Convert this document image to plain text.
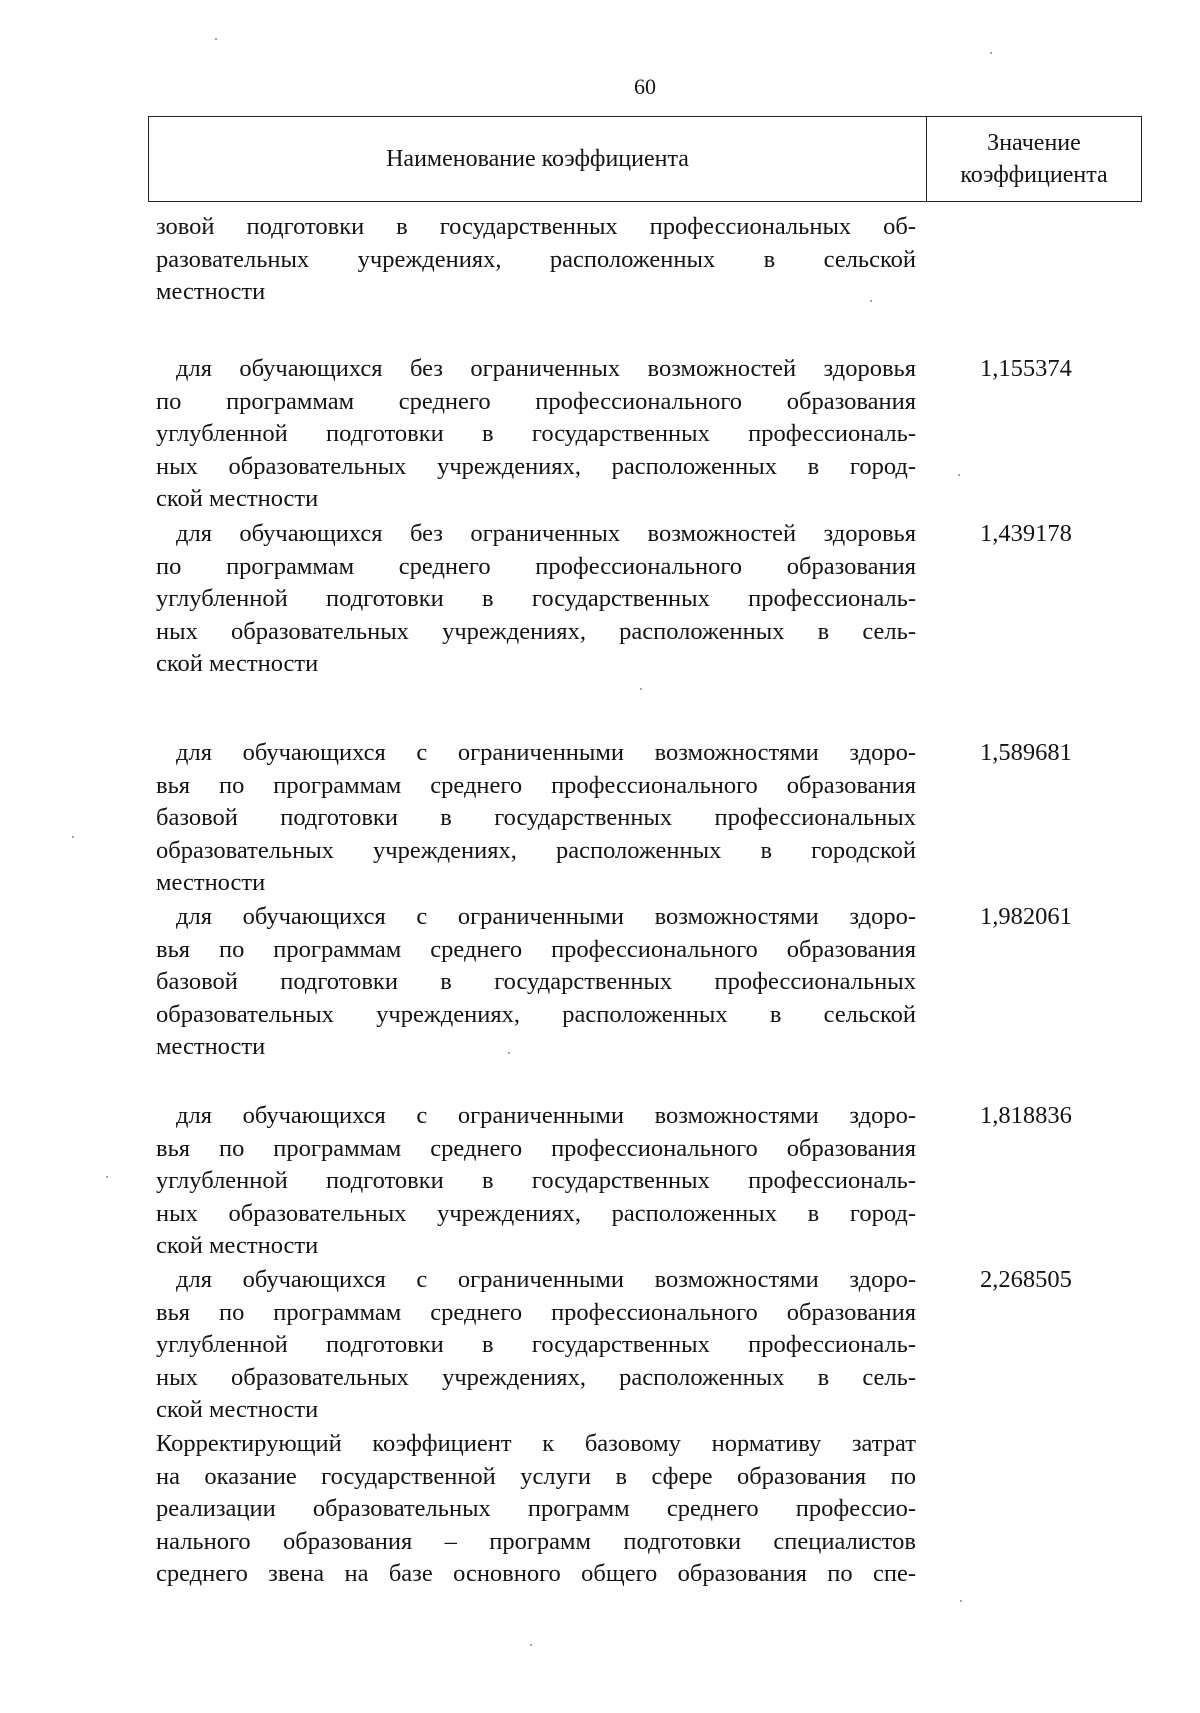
60
Наименование коэффициента
Значение
коэффициента
зовой подготовки в государственных профессиональных об-
разовательных учреждениях, расположенных в сельской
местности
для обучающихся без ограниченных возможностей здоровья
по программам среднего профессионального образования
углубленной подготовки в государственных профессиональ-
ных образовательных учреждениях, расположенных в город-
ской местности
1,155374
для обучающихся без ограниченных возможностей здоровья
по программам среднего профессионального образования
углубленной подготовки в государственных профессиональ-
ных образовательных учреждениях, расположенных в сель-
ской местности
1,439178
для обучающихся с ограниченными возможностями здоро-
вья по программам среднего профессионального образования
базовой подготовки в государственных профессиональных
образовательных учреждениях, расположенных в городской
местности
1,589681
для обучающихся с ограниченными возможностями здоро-
вья по программам среднего профессионального образования
базовой подготовки в государственных профессиональных
образовательных учреждениях, расположенных в сельской
местности
1,982061
для обучающихся с ограниченными возможностями здоро-
вья по программам среднего профессионального образования
углубленной подготовки в государственных профессиональ-
ных образовательных учреждениях, расположенных в город-
ской местности
1,818836
для обучающихся с ограниченными возможностями здоро-
вья по программам среднего профессионального образования
углубленной подготовки в государственных профессиональ-
ных образовательных учреждениях, расположенных в сель-
ской местности
2,268505
Корректирующий коэффициент к базовому нормативу затрат
на оказание государственной услуги в сфере образования по
реализации образовательных программ среднего профессио-
нального образования – программ подготовки специалистов
среднего звена на базе основного общего образования по спе-
